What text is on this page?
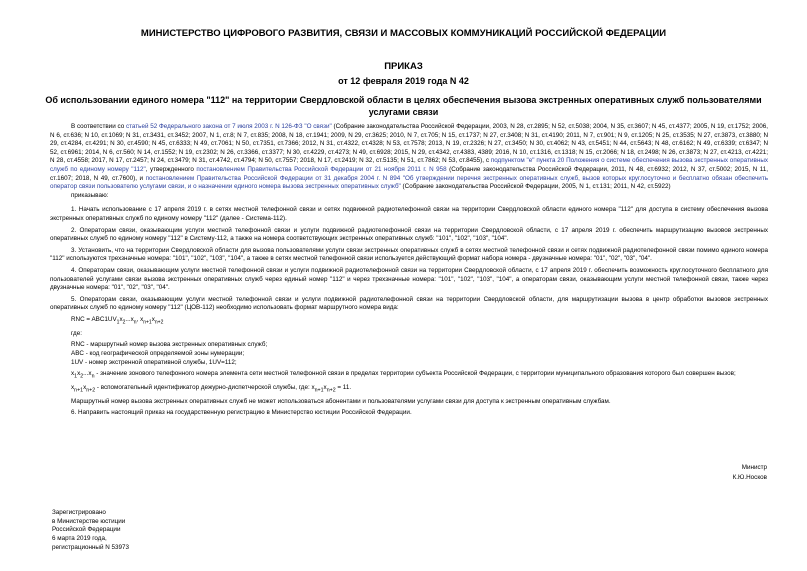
МИНИСТЕРСТВО ЦИФРОВОГО РАЗВИТИЯ, СВЯЗИ И МАССОВЫХ КОММУНИКАЦИЙ РОССИЙСКОЙ ФЕДЕРАЦИИ
ПРИКАЗ
от 12 февраля 2019 года N 42
Об использовании единого номера "112" на территории Свердловской области в целях обеспечения вызова экстренных оперативных служб пользователями услугами связи

В соответствии со статьей 52 Федерального закона от 7 июля 2003 г. N 126-ФЗ "О связи" (Собрание законодательства Российской Федерации, 2003, N 28, ст.2895; N 52, ст.5038; 2004, N 35, ст.3607; N 45, ст.4377; 2005, N 19, ст.1752; 2006, N 6, ст.636; N 10, ст.1069; N 31, ст.3431, ст.3452; 2007, N 1, ст.8; N 7, ст.835; 2008, N 18, ст.1941; 2009, N 29, ст.3625; 2010, N 7, ст.705; N 15, ст.1737; N 27, ст.3408; N 31, ст.4190; 2011, N 7, ст.901; N 9, ст.1205; N 25, ст.3535; N 27, ст.3873, ст.3880; N 29, ст.4284, ст.4291; N 30, ст.4590; N 45, ст.6333; N 49, ст.7061; N 50, ст.7351, ст.7366; 2012, N 31, ст.4322, ст.4328; N 53, ст.7578; 2013, N 19, ст.2326; N 27, ст.3450; N 30, ст.4062; N 43, ст.5451; N 44, ст.5643; N 48, ст.6162; N 49, ст.6339; ст.6347; N 52, ст.6961; 2014, N 6, ст.560; N 14, ст.1552; N 19, ст.2302; N 26, ст.3366, ст.3377; N 30, ст.4229, ст.4273; N 49, ст.6928; 2015, N 29, ст.4342, ст.4383, 4389; 2016, N 10, ст.1316, ст.1318; N 15, ст.2066; N 18, ст.2498; N 26, ст.3873; N 27, ст.4213, ст.4221; N 28, ст.4558; 2017, N 17, ст.2457; N 24, ст.3479; N 31, ст.4742, ст.4794; N 50, ст.7557; 2018, N 17, ст.2419; N 32, ст.5135; N 51, ст.7862; N 53, ст.8455), с подпунктом "е" пункта 20 Положения о системе обеспечения вызова экстренных оперативных служб по единому номеру "112", утвержденного постановлением Правительства Российской Федерации от 21 ноября 2011 г. N 958 (Собрание законодательства Российской Федерации, 2011, N 48, ст.6932; 2012, N 37, ст.5002; 2015, N 11, ст.1607; 2018, N 49, ст.7600), и постановлением Правительства Российской Федерации от 31 декабря 2004 г. N 894 "Об утверждении перечня экстренных оперативных служб, вызов которых круглосуточно и бесплатно обязан обеспечить оператор связи пользователю услугами связи, и о назначении единого номера вызова экстренных оперативных служб" (Собрание законодательства Российской Федерации, 2005, N 1, ст.131; 2011, N 42, ст.5922)

приказываю:

1. Начать использование с 17 апреля 2019 г. в сетях местной телефонной связи и сетях подвижной радиотелефонной связи на территории Свердловской области единого номера "112" для доступа в систему обеспечения вызова экстренных оперативных служб по единому номеру "112" (далее - Система-112).

2. Операторам связи, оказывающим услуги местной телефонной связи и услуги подвижной радиотелефонной связи на территории Свердловской области, с 17 апреля 2019 г. обеспечить маршрутизацию вызовов экстренных оперативных служб по единому номеру "112" в Систему-112, а также на номера соответствующих экстренных оперативных служб: "101", "102", "103", "104".

3. Установить, что на территории Свердловской области для вызова пользователями услуги связи экстренных оперативных служб в сетях местной телефонной связи и сетях подвижной радиотелефонной связи помимо единого номера "112" используются трехзначные номера: "101", "102", "103", "104", а также в сетях местной телефонной связи используется действующий формат набора номера - двузначные номера: "01", "02", "03", "04".

4. Операторам связи, оказывающим услуги местной телефонной связи и услуги подвижной радиотелефонной связи на территории Свердловской области, с 17 апреля 2019 г. обеспечить возможность круглосуточного бесплатного для пользователей услугами связи вызова экстренных оперативных служб через единый номер "112" и через трехзначные номера: "101", "102", "103", "104", а операторам связи, оказывающим услуги местной телефонной связи, также через двузначные номера: "01", "02", "03", "04".

5. Операторам связи, оказывающим услуги местной телефонной связи и услуги подвижной радиотелефонной связи на территории Свердловской области, для маршрутизации вызова в центр обработки вызовов экстренных оперативных служб по единому номеру "112" (ЦОВ-112) необходимо использовать формат маршрутного номера вида:

RNC = $ABC1UV_1x_2...x_n$, $x_{n+1}x_{n+2}$

где:

RNC - маршрутный номер вызова экстренных оперативных служб;

ABC - код географической определяемой зоны нумерации;

1UV - номер экстренной оперативной службы, 1UV=112;

$x_1x_2...x_n$ - значение зонового телефонного номера элемента сети местной телефонной связи в пределах территории субъекта Российской Федерации, с территории муниципального образования которого был совершен вызов;

$x_{n+1}x_{n+2}$ - вспомогательный идентификатор дежурно-диспетчерской службы, где: $x_{n+1}x_{n+2} = 11$.

Маршрутный номер вызова экстренных оперативных служб не может использоваться абонентами и пользователями услугами связи для доступа к экстренным оперативным службам.

6. Направить настоящий приказ на государственную регистрацию в Министерство юстиции Российской Федерации.

Министр
К.Ю.Носков
Зарегистрировано
в Министерстве юстиции
Российской Федерации
6 марта 2019 года,
регистрационный N 53973
